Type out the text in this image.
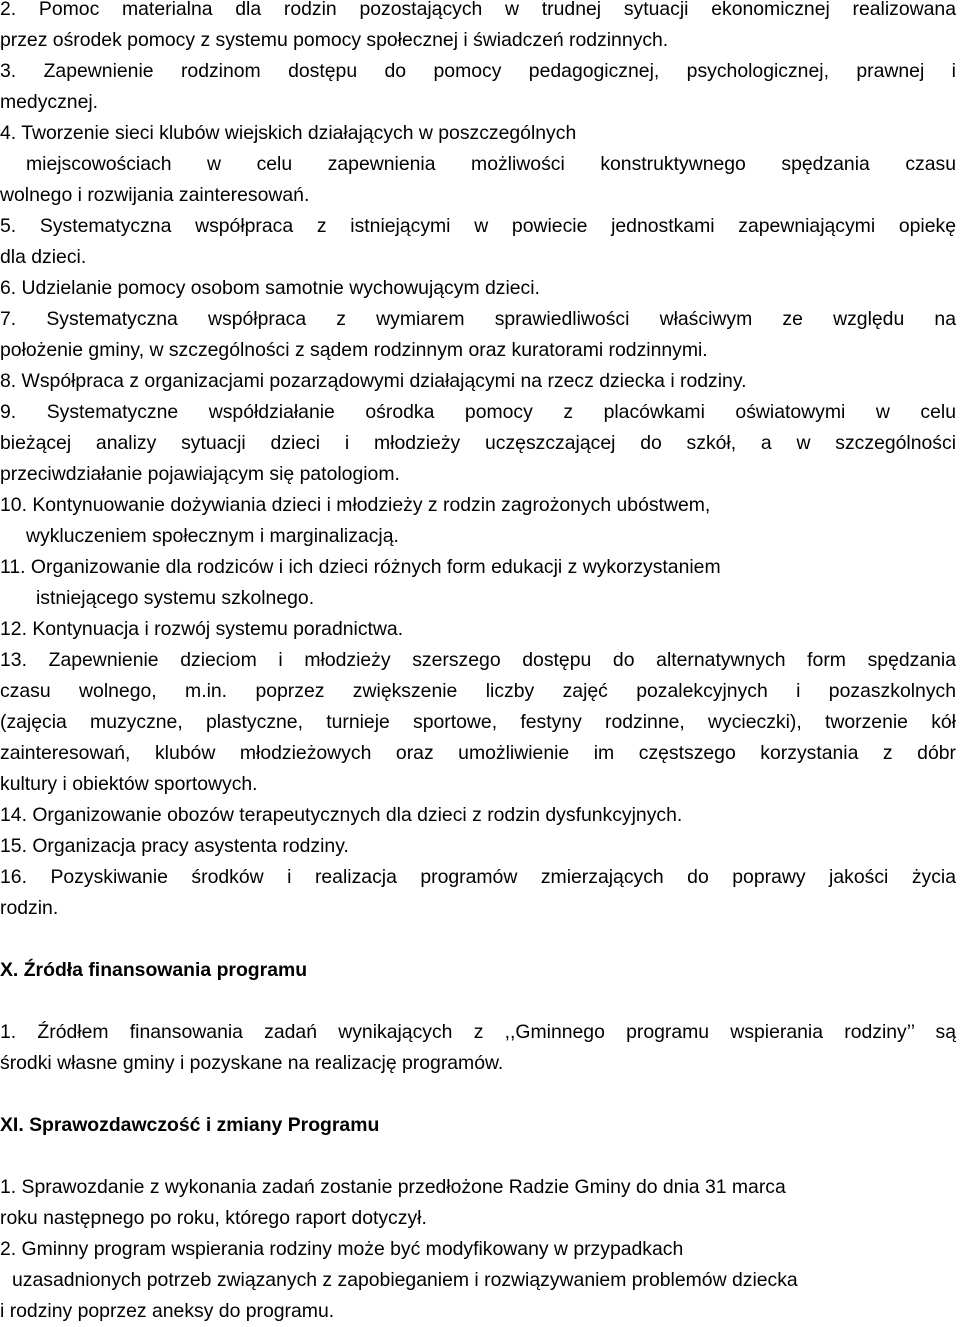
2. Pomoc materialna dla rodzin pozostających w trudnej sytuacji ekonomicznej realizowana
przez ośrodek pomocy z systemu pomocy społecznej i świadczeń rodzinnych.
3. Zapewnienie rodzinom dostępu do pomocy pedagogicznej, psychologicznej, prawnej i
medycznej.
4. Tworzenie sieci klubów wiejskich działających w poszczególnych
miejscowościach w celu zapewnienia możliwości konstruktywnego spędzania czasu
wolnego i rozwijania zainteresowań.
5. Systematyczna współpraca z istniejącymi w powiecie jednostkami zapewniającymi opiekę
dla dzieci.
6. Udzielanie pomocy osobom samotnie wychowującym dzieci.
7. Systematyczna współpraca z wymiarem sprawiedliwości właściwym ze względu na
położenie gminy, w szczególności z sądem rodzinnym oraz kuratorami rodzinnymi.
8. Współpraca z organizacjami pozarządowymi działającymi na rzecz dziecka i rodziny.
9. Systematyczne współdziałanie ośrodka pomocy z placówkami oświatowymi w celu
bieżącej analizy sytuacji dzieci i młodzieży uczęszczającej do szkół, a w szczególności
przeciwdziałanie pojawiającym się patologiom.
10. Kontynuowanie dożywiania dzieci i młodzieży z rodzin zagrożonych ubóstwem,
wykluczeniem społecznym i marginalizacją.
11. Organizowanie dla rodziców i ich dzieci różnych form edukacji z wykorzystaniem
istniejącego systemu szkolnego.
12. Kontynuacja i rozwój systemu poradnictwa.
13. Zapewnienie dzieciom i młodzieży szerszego dostępu do alternatywnych form spędzania
czasu wolnego, m.in. poprzez zwiększenie liczby zajęć pozalekcyjnych i pozaszkolnych
(zajęcia muzyczne, plastyczne, turnieje sportowe, festyny rodzinne, wycieczki), tworzenie kół
zainteresowań, klubów młodzieżowych oraz umożliwienie im częstszego korzystania z dóbr
kultury i obiektów sportowych.
14. Organizowanie obozów terapeutycznych dla dzieci z rodzin dysfunkcyjnych.
15. Organizacja pracy asystenta rodziny.
16. Pozyskiwanie środków i realizacja programów zmierzających do poprawy jakości życia
rodzin.
X. Źródła finansowania programu
1. Źródłem finansowania zadań wynikających z ,,Gminnego programu wspierania rodziny’’ są
środki własne gminy i pozyskane na realizację programów.
XI. Sprawozdawczość i zmiany Programu
1. Sprawozdanie z wykonania zadań zostanie przedłożone Radzie Gminy do dnia 31 marca
roku następnego po roku, którego raport dotyczył.
2. Gminny program wspierania rodziny może być modyfikowany w przypadkach
uzasadnionych potrzeb związanych z zapobieganiem i rozwiązywaniem problemów dziecka
i rodziny poprzez aneksy do programu.
